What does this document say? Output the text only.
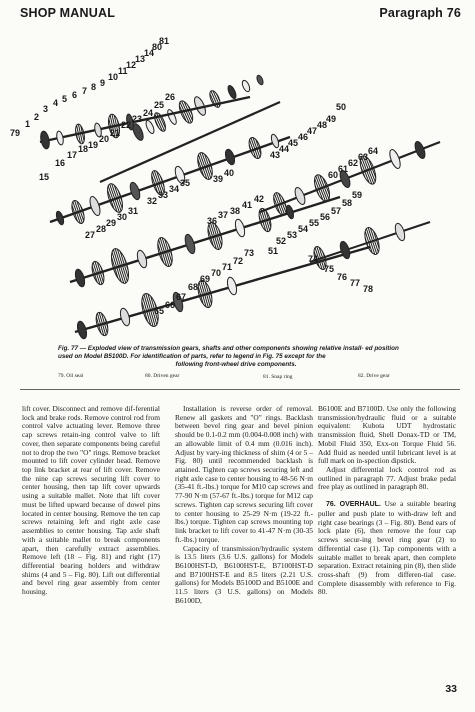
SHOP MANUAL	Paragraph 76
81
80
14
13
12
11
10
9
8
7
6
5
4
3
2
1
79
26
25
24
23
22
21
20
19
18
17
16
15
50
49
48
47
46
45
44
43
42
41
40
39
35
34
33
32
31
30
29
28
27
37
36
38
64
63
62
61
60
59
58
57
56
55
54
53
52
51
73
72
71
70
69
68
67
66
65
74
75
76
77
78
Fig. 77 — Exploded view of transmission gears, shafts and other components showing relative install- ed position used on Model B5100D. For identification of parts, refer to legend in Fig. 75 except for the
following front-wheel drive components.
79. Oil seal	80. Driven gear	81. Snap ring	82. Drive gear

lift cover. Disconnect and remove dif-ferential lock and brake rods. Remove control rod from control valve actuating lever. Remove three cap screws retain-ing control valve to lift cover, then separate components being careful not to drop the two "O" rings. Remove bracket mounted to lift cover cylinder head. Remove top link bracket at rear of lift cover. Remove the nine cap screws securing lift cover to center housing, then tap lift cover upwards using a suitable mallet. Note that lift cover must be lifted upward because of dowel pins located in center housing. Remove the ten cap screws retaining left and right axle case assemblies to center housing. Tap axle shaft with a suitable mallet to break components apart, then carefully extract assemblies. Remove left (18 – Fig. 81) and right (17) differential bearing holders and withdraw shims (4 and 5 – Fig. 80). Lift out differential and bevel ring gear assembly from center housing.

Installation is reverse order of removal. Renew all gaskets and "O" rings. Backlash between bevel ring gear and bevel pinion should be 0.1-0.2 mm (0.004-0.008 inch) with an allowable limit of 0.4 mm (0.016 inch). Adjust by vary-ing thickness of shim (4 or 5 – Fig. 80) until recommended backlash is attained. Tighten cap screws securing left and right axle case to center housing to 48-56 N·m (35-41 ft.-lbs.) torque for M10 cap screws and 77-90 N·m (57-67 ft.-lbs.) torque for M12 cap screws. Tighten cap screws securing lift cover to center housing to 25-29 N·m (19-22 ft.-lbs.) torque. Tighten cap screws mounting top link bracket to lift cover to 41-47 N·m (30-35 ft.-lbs.) torque.

Capacity of transmission/hydraulic system is 13.5 liters (3.6 U.S. gallons) for Models B6100HST-D, B6100HST-E, B7100HST-D and B7100HST-E and 8.5 liters (2.21 U.S. gallons) for Models B5100D and B5100E and 11.5 liters (3 U.S. gallons) on Models B6100D,

B6100E and B7100D. Use only the following transmission/hydraulic fluid or a suitable equivalent: Kubota UDT hydrostatic transmission fluid, Shell Donax-TD or TM, Mobil Fluid 350, Exx-on Torque Fluid 56. Add fluid as needed until lubricant level is at full mark on in-spection dipstick.

Adjust differential lock control rod as outlined in paragraph 77. Adjust brake pedal free play as outlined in paragraph 80.

76. OVERHAUL. Use a suitable bearing puller and push plate to with-draw left and right case bearings (3 – Fig. 80). Bend ears of lock plate (6), then remove the four cap screws secur-ing bevel ring gear (2) to differential case (1). Tap components with a suitable mallet to break apart, then complete separation. Extract retaining pin (8), then slide cross-shaft (9) from differen-tial case. Complete disassembly with reference to Fig. 80.

33
